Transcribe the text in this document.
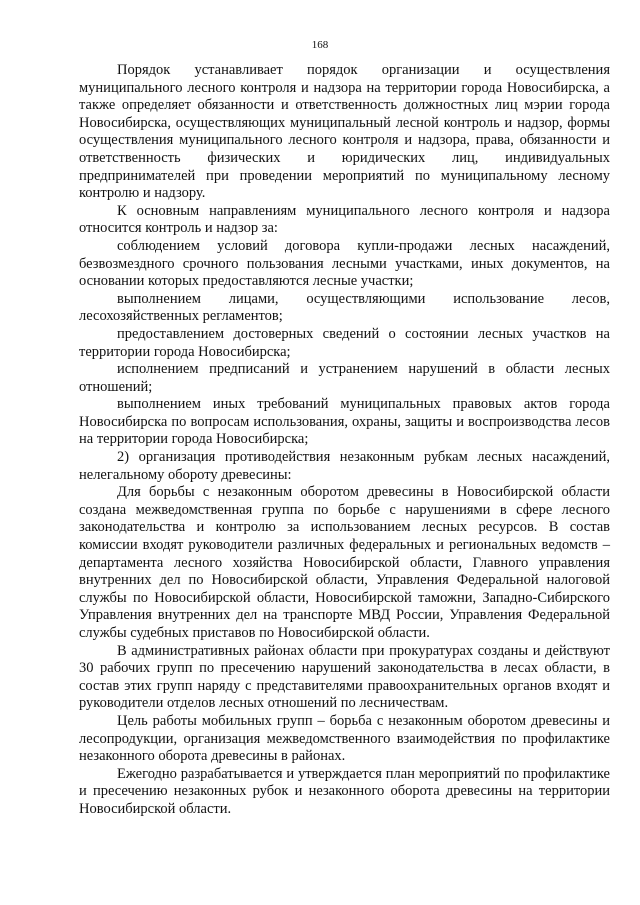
168

Порядок устанавливает порядок организации и осуществления муниципального лесного контроля и надзора на территории города Новосибирска, а также определяет обязанности и ответственность должностных лиц мэрии города Новосибирска, осуществляющих муниципальный лесной контроль и надзор, формы осуществления муниципального лесного контроля и надзора, права, обязанности и ответственность физических и юридических лиц, индивидуальных предпринимателей при проведении мероприятий по муниципальному лесному контролю и надзору.

К основным направлениям муниципального лесного контроля и надзора относится контроль и надзор за:

соблюдением условий договора купли-продажи лесных насаждений, безвозмездного срочного пользования лесными участками, иных документов, на основании которых предоставляются лесные участки;

выполнением лицами, осуществляющими использование лесов, лесохозяйственных регламентов;

предоставлением достоверных сведений о состоянии лесных участков на территории города Новосибирска;

исполнением предписаний и устранением нарушений в области лесных отношений;

выполнением иных требований муниципальных правовых актов города Новосибирска по вопросам использования, охраны, защиты и воспроизводства лесов на территории города Новосибирска;

2) организация противодействия незаконным рубкам лесных насаждений, нелегальному обороту древесины:

Для борьбы с незаконным оборотом древесины в Новосибирской области создана межведомственная группа по борьбе с нарушениями в сфере лесного законодательства и контролю за использованием лесных ресурсов. В состав комиссии входят руководители различных федеральных и региональных ведомств – департамента лесного хозяйства Новосибирской области, Главного управления внутренних дел по Новосибирской области, Управления Федеральной налоговой службы по Новосибирской области, Новосибирской таможни, Западно-Сибирского Управления внутренних дел на транспорте МВД России, Управления Федеральной службы судебных приставов по Новосибирской области.

В административных районах области при прокуратурах созданы и действуют 30 рабочих групп по пресечению нарушений законодательства в лесах области, в состав этих групп наряду с представителями правоохранительных органов входят и руководители отделов лесных отношений по лесничествам.

Цель работы мобильных групп – борьба с незаконным оборотом древесины и лесопродукции, организация межведомственного взаимодействия по профилактике незаконного оборота древесины в районах.

Ежегодно разрабатывается и утверждается план мероприятий по профилактике и пресечению незаконных рубок и незаконного оборота древесины на территории Новосибирской области.
